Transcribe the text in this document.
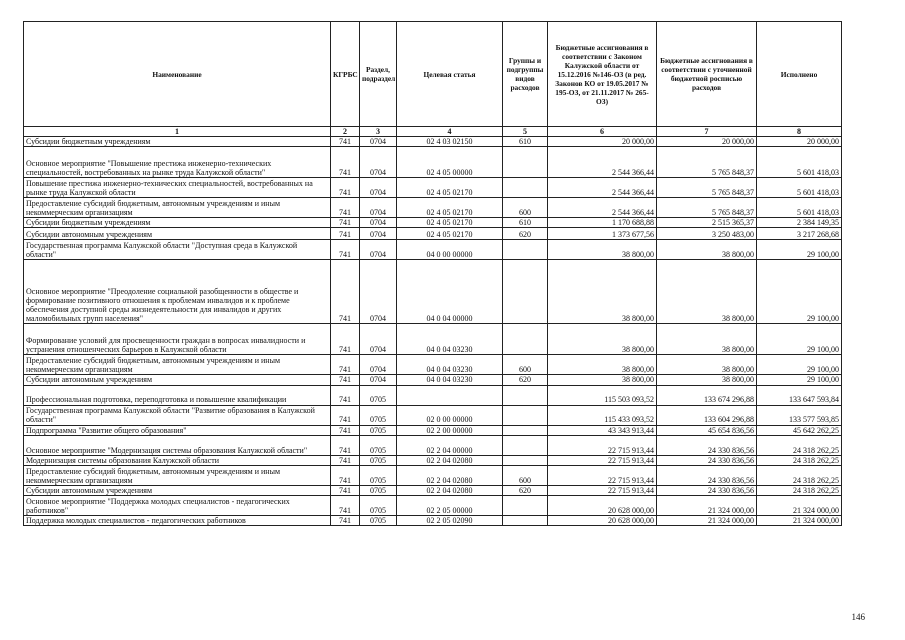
Наименование	КГРБС	Раздел, подраздел	Целевая статья	Группы и подгруппы видов расходов	Бюджетные ассигнования в соответствии с Законом Калужской области от 15.12.2016 №146-ОЗ (в ред. Законов КО от 19.05.2017 № 195-ОЗ, от 21.11.2017 № 265-ОЗ)	Бюджетные ассигнования в соответствии с уточненной бюджетной росписью расходов	Исполнено
1	2	3	4	5	6	7	8
Субсидии бюджетным учреждениям	741	0704	02 4 03 02150	610	20 000,00	20 000,00	20 000,00
Основное мероприятие "Повышение престижа инженерно-технических специальностей, востребованных на рынке труда Калужской области"	741	0704	02 4 05 00000		2 544 366,44	5 765 848,37	5 601 418,03
Повышение престижа инженерно-технических специальностей, востребованных на рынке труда Калужской области	741	0704	02 4 05 02170		2 544 366,44	5 765 848,37	5 601 418,03
Предоставление субсидий бюджетным, автономным учреждениям и иным некоммерческим организациям	741	0704	02 4 05 02170	600	2 544 366,44	5 765 848,37	5 601 418,03
Субсидии бюджетным учреждениям	741	0704	02 4 05 02170	610	1 170 688,88	2 515 365,37	2 384 149,35
Субсидии автономным учреждениям	741	0704	02 4 05 02170	620	1 373 677,56	3 250 483,00	3 217 268,68
Государственная программа Калужской области "Доступная среда в Калужской области"	741	0704	04 0 00 00000		38 800,00	38 800,00	29 100,00
Основное мероприятие "Преодоление социальной разобщенности в обществе и формирование позитивного отношения к проблемам инвалидов и к проблеме обеспечения доступной среды жизнедеятельности для инвалидов и других маломобильных групп населения"	741	0704	04 0 04 00000		38 800,00	38 800,00	29 100,00
Формирование условий для просвещенности граждан в вопросах инвалидности и устранения отношенческих барьеров в Калужской области	741	0704	04 0 04 03230		38 800,00	38 800,00	29 100,00
Предоставление субсидий бюджетным, автономным учреждениям и иным некоммерческим организациям	741	0704	04 0 04 03230	600	38 800,00	38 800,00	29 100,00
Субсидии автономным учреждениям	741	0704	04 0 04 03230	620	38 800,00	38 800,00	29 100,00
Профессиональная подготовка, переподготовка и повышение квалификации	741	0705			115 503 093,52	133 674 296,88	133 647 593,84
Государственная программа Калужской области "Развитие образования в Калужской области"	741	0705	02 0 00 00000		115 433 093,52	133 604 296,88	133 577 593,85
Подпрограмма "Развитие общего образования"	741	0705	02 2 00 00000		43 343 913,44	45 654 836,56	45 642 262,25
Основное мероприятие "Модернизация системы образования Калужской области"	741	0705	02 2 04 00000		22 715 913,44	24 330 836,56	24 318 262,25
Модернизация системы образования Калужской области	741	0705	02 2 04 02080		22 715 913,44	24 330 836,56	24 318 262,25
Предоставление субсидий бюджетным, автономным учреждениям и иным некоммерческим организациям	741	0705	02 2 04 02080	600	22 715 913,44	24 330 836,56	24 318 262,25
Субсидии автономным учреждениям	741	0705	02 2 04 02080	620	22 715 913,44	24 330 836,56	24 318 262,25
Основное мероприятие "Поддержка молодых специалистов - педагогических работников"	741	0705	02 2 05 00000		20 628 000,00	21 324 000,00	21 324 000,00
Поддержка молодых специалистов - педагогических работников	741	0705	02 2 05 02090		20 628 000,00	21 324 000,00	21 324 000,00
146
